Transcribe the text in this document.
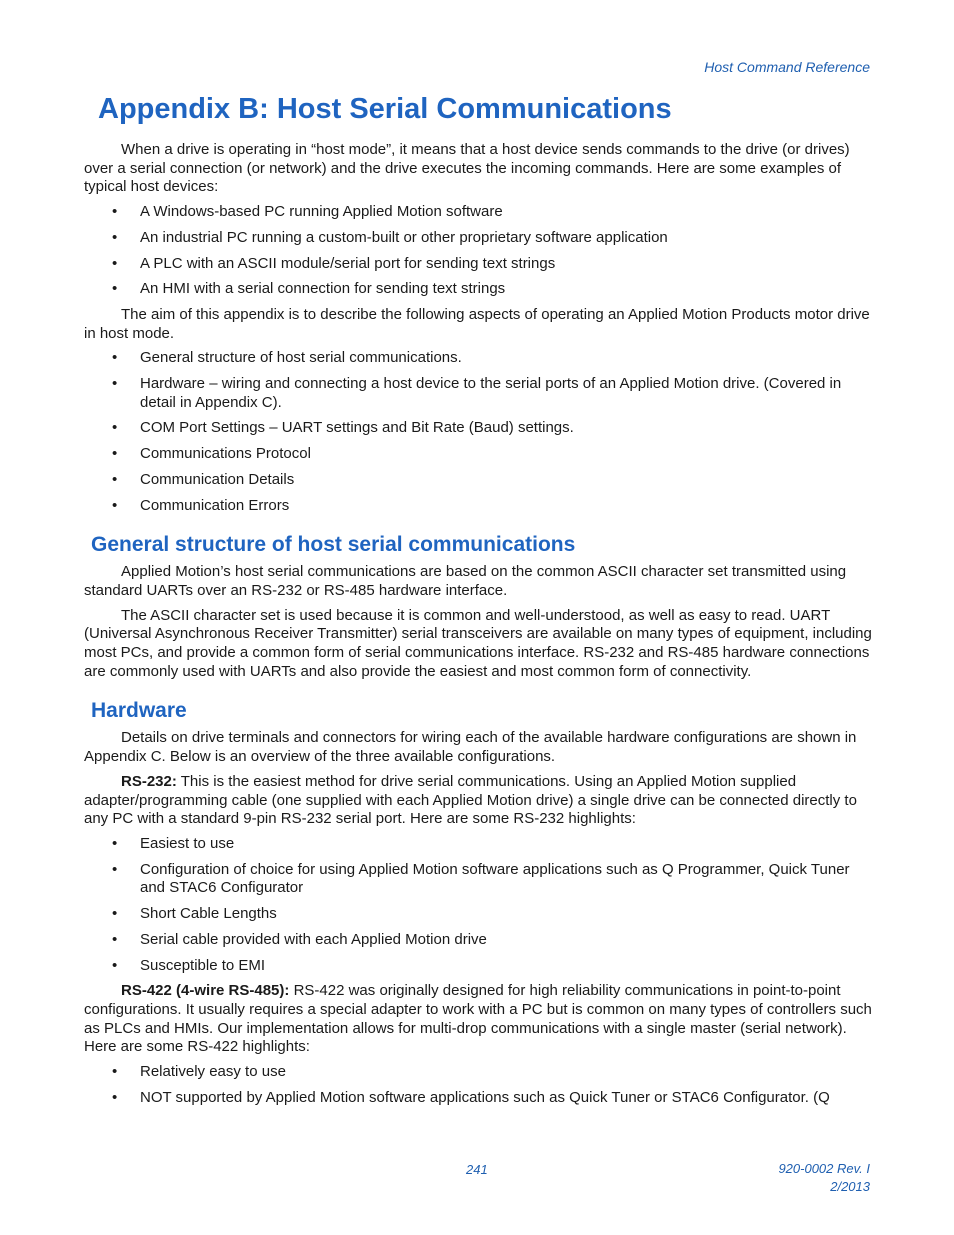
Host Command Reference
Appendix B: Host Serial Communications

When a drive is operating in “host mode”, it means that a host device sends commands to the drive (or drives) over a serial connection (or network) and the drive executes the incoming commands. Here are some examples of typical host devices:

• A Windows-based PC running Applied Motion software
• An industrial PC running a custom-built or other proprietary software application
• A PLC with an ASCII module/serial port for sending text strings
• An HMI with a serial connection for sending text strings

The aim of this appendix is to describe the following aspects of operating an Applied Motion Products motor drive in host mode.

• General structure of host serial communications.
• Hardware – wiring and connecting a host device to the serial ports of an Applied Motion drive. (Covered in detail in Appendix C).
• COM Port Settings – UART settings and Bit Rate (Baud) settings.
• Communications Protocol
• Communication Details
• Communication Errors
General structure of host serial communications

Applied Motion’s host serial communications are based on the common ASCII character set transmitted using standard UARTs over an RS-232 or RS-485 hardware interface.

The ASCII character set is used because it is common and well-understood, as well as easy to read. UART (Universal Asynchronous Receiver Transmitter) serial transceivers are available on many types of equipment, including most PCs, and provide a common form of serial communications interface. RS-232 and RS-485 hardware connections are commonly used with UARTs and also provide the easiest and most common form of connectivity.

Hardware

Details on drive terminals and connectors for wiring each of the available hardware configurations are shown in Appendix C. Below is an overview of the three available configurations.

RS-232: This is the easiest method for drive serial communications. Using an Applied Motion supplied adapter/programming cable (one supplied with each Applied Motion drive) a single drive can be connected directly to any PC with a standard 9-pin RS-232 serial port. Here are some RS-232 highlights:

• Easiest to use
• Configuration of choice for using Applied Motion software applications such as Q Programmer, Quick Tuner and STAC6 Configurator
• Short Cable Lengths
• Serial cable provided with each Applied Motion drive
• Susceptible to EMI

RS-422 (4-wire RS-485): RS-422 was originally designed for high reliability communications in point-to-point configurations. It usually requires a special adapter to work with a PC but is common on many types of controllers such as PLCs and HMIs. Our implementation allows for multi-drop communications with a single master (serial network). Here are some RS-422 highlights:

• Relatively easy to use
• NOT supported by Applied Motion software applications such as Quick Tuner or STAC6 Configurator. (Q
241	920-0002 Rev. I
2/2013
